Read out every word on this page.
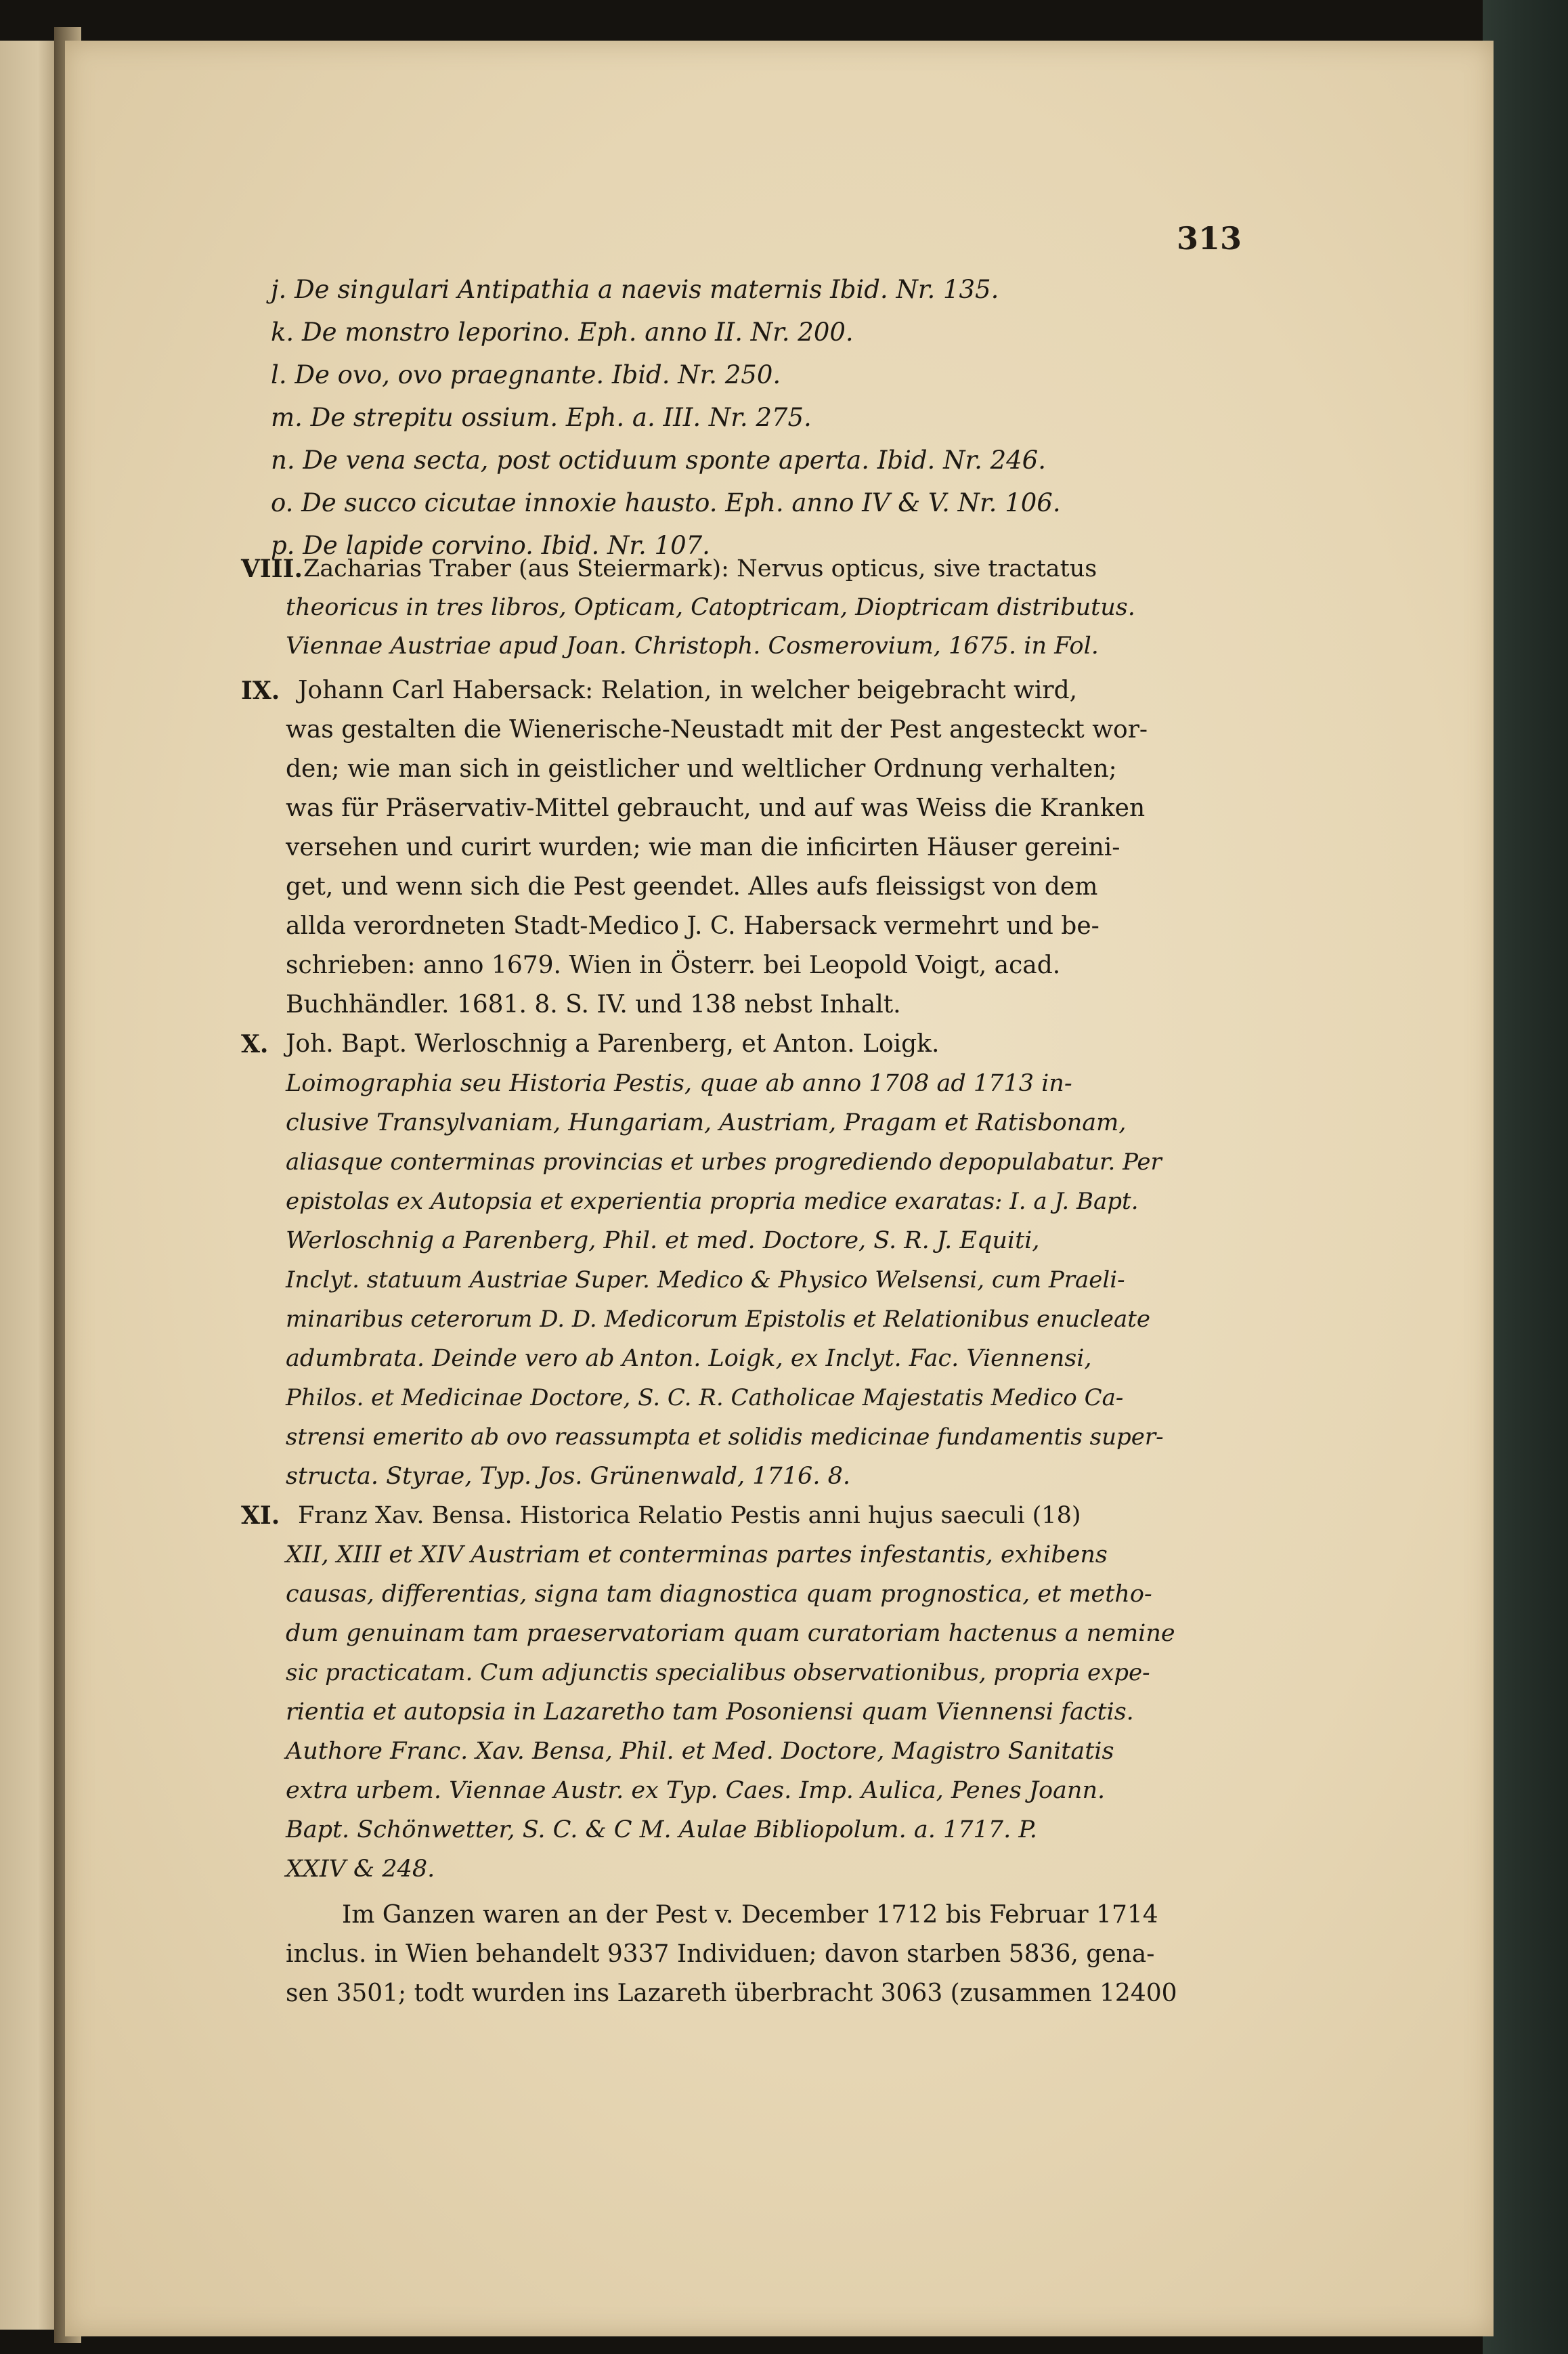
313
j. De singulari Antipathia a naevis maternis Ibid. Nr. 135.
k. De monstro leporino. Eph. anno II. Nr. 200.
l. De ovo, ovo praegnante. Ibid. Nr. 250.
m. De strepitu ossium. Eph. a. III. Nr. 275.
n. De vena secta, post octiduum sponte aperta. Ibid. Nr. 246.
o. De succo cicutae innoxie hausto. Eph. anno IV & V. Nr. 106.
p. De lapide corvino. Ibid. Nr. 107.
VIII. Zacharias Traber (aus Steiermark): Nervus opticus, sive tractatus
theoricus in tres libros, Opticam, Catoptricam, Dioptricam distributus.
Viennae Austriae apud Joan. Christoph. Cosmerovium, 1675. in Fol.
IX. Johann Carl Habersack: Relation, in welcher beigebracht wird,
was gestalten die Wienerische-Neustadt mit der Pest angesteckt wor-
den; wie man sich in geistlicher und weltlicher Ordnung verhalten;
was für Präservativ-Mittel gebraucht, und auf was Weiss die Kranken
versehen und curirt wurden; wie man die inficirten Häuser gereini-
get, und wenn sich die Pest geendet. Alles aufs fleissigst von dem
allda verordneten Stadt-Medico J. C. Habersack vermehrt und be-
schrieben: anno 1679. Wien in Österr. bei Leopold Voigt, acad.
Buchhändler. 1681. 8. S. IV. und 138 nebst Inhalt.
X. Joh. Bapt. Werloschnig a Parenberg, et Anton. Loigk.
Loimographia seu Historia Pestis, quae ab anno 1708 ad 1713 in-
clusive Transylvaniam, Hungariam, Austriam, Pragam et Ratisbonam,
aliasque conterminas provincias et urbes progrediendo depopulabatur. Per
epistolas ex Autopsia et experientia propria medice exaratas: I. a J. Bapt.
Werloschnig a Parenberg, Phil. et med. Doctore, S. R. J. Equiti,
Inclyt. statuum Austriae Super. Medico & Physico Welsensi, cum Praeli-
minaribus ceterorum D. D. Medicorum Epistolis et Relationibus enucleate
adumbrata. Deinde vero ab Anton. Loigk, ex Inclyt. Fac. Viennensi,
Philos. et Medicinae Doctore, S. C. R. Catholicae Majestatis Medico Ca-
strensi emerito ab ovo reassumpta et solidis medicinae fundamentis super-
structa. Styrae, Typ. Jos. Grünenwald, 1716. 8.
XI. Franz Xav. Bensa. Historica Relatio Pestis anni hujus saeculi (18)
XII, XIII et XIV Austriam et conterminas partes infestantis, exhibens
causas, differentias, signa tam diagnostica quam prognostica, et metho-
dum genuinam tam praeservatoriam quam curatoriam hactenus a nemine
sic practicatam. Cum adjunctis specialibus observationibus, propria expe-
rientia et autopsia in Lazaretho tam Posoniensi quam Viennensi factis.
Authore Franc. Xav. Bensa, Phil. et Med. Doctore, Magistro Sanitatis
extra urbem. Viennae Austr. ex Typ. Caes. Imp. Aulica, Penes Joann.
Bapt. Schönwetter, S. C. & C M. Aulae Bibliopolum. a. 1717. P.
XXIV & 248.
Im Ganzen waren an der Pest v. December 1712 bis Februar 1714
inclus. in Wien behandelt 9337 Individuen; davon starben 5836, gena-
sen 3501; todt wurden ins Lazareth überbracht 3063 (zusammen 12400
